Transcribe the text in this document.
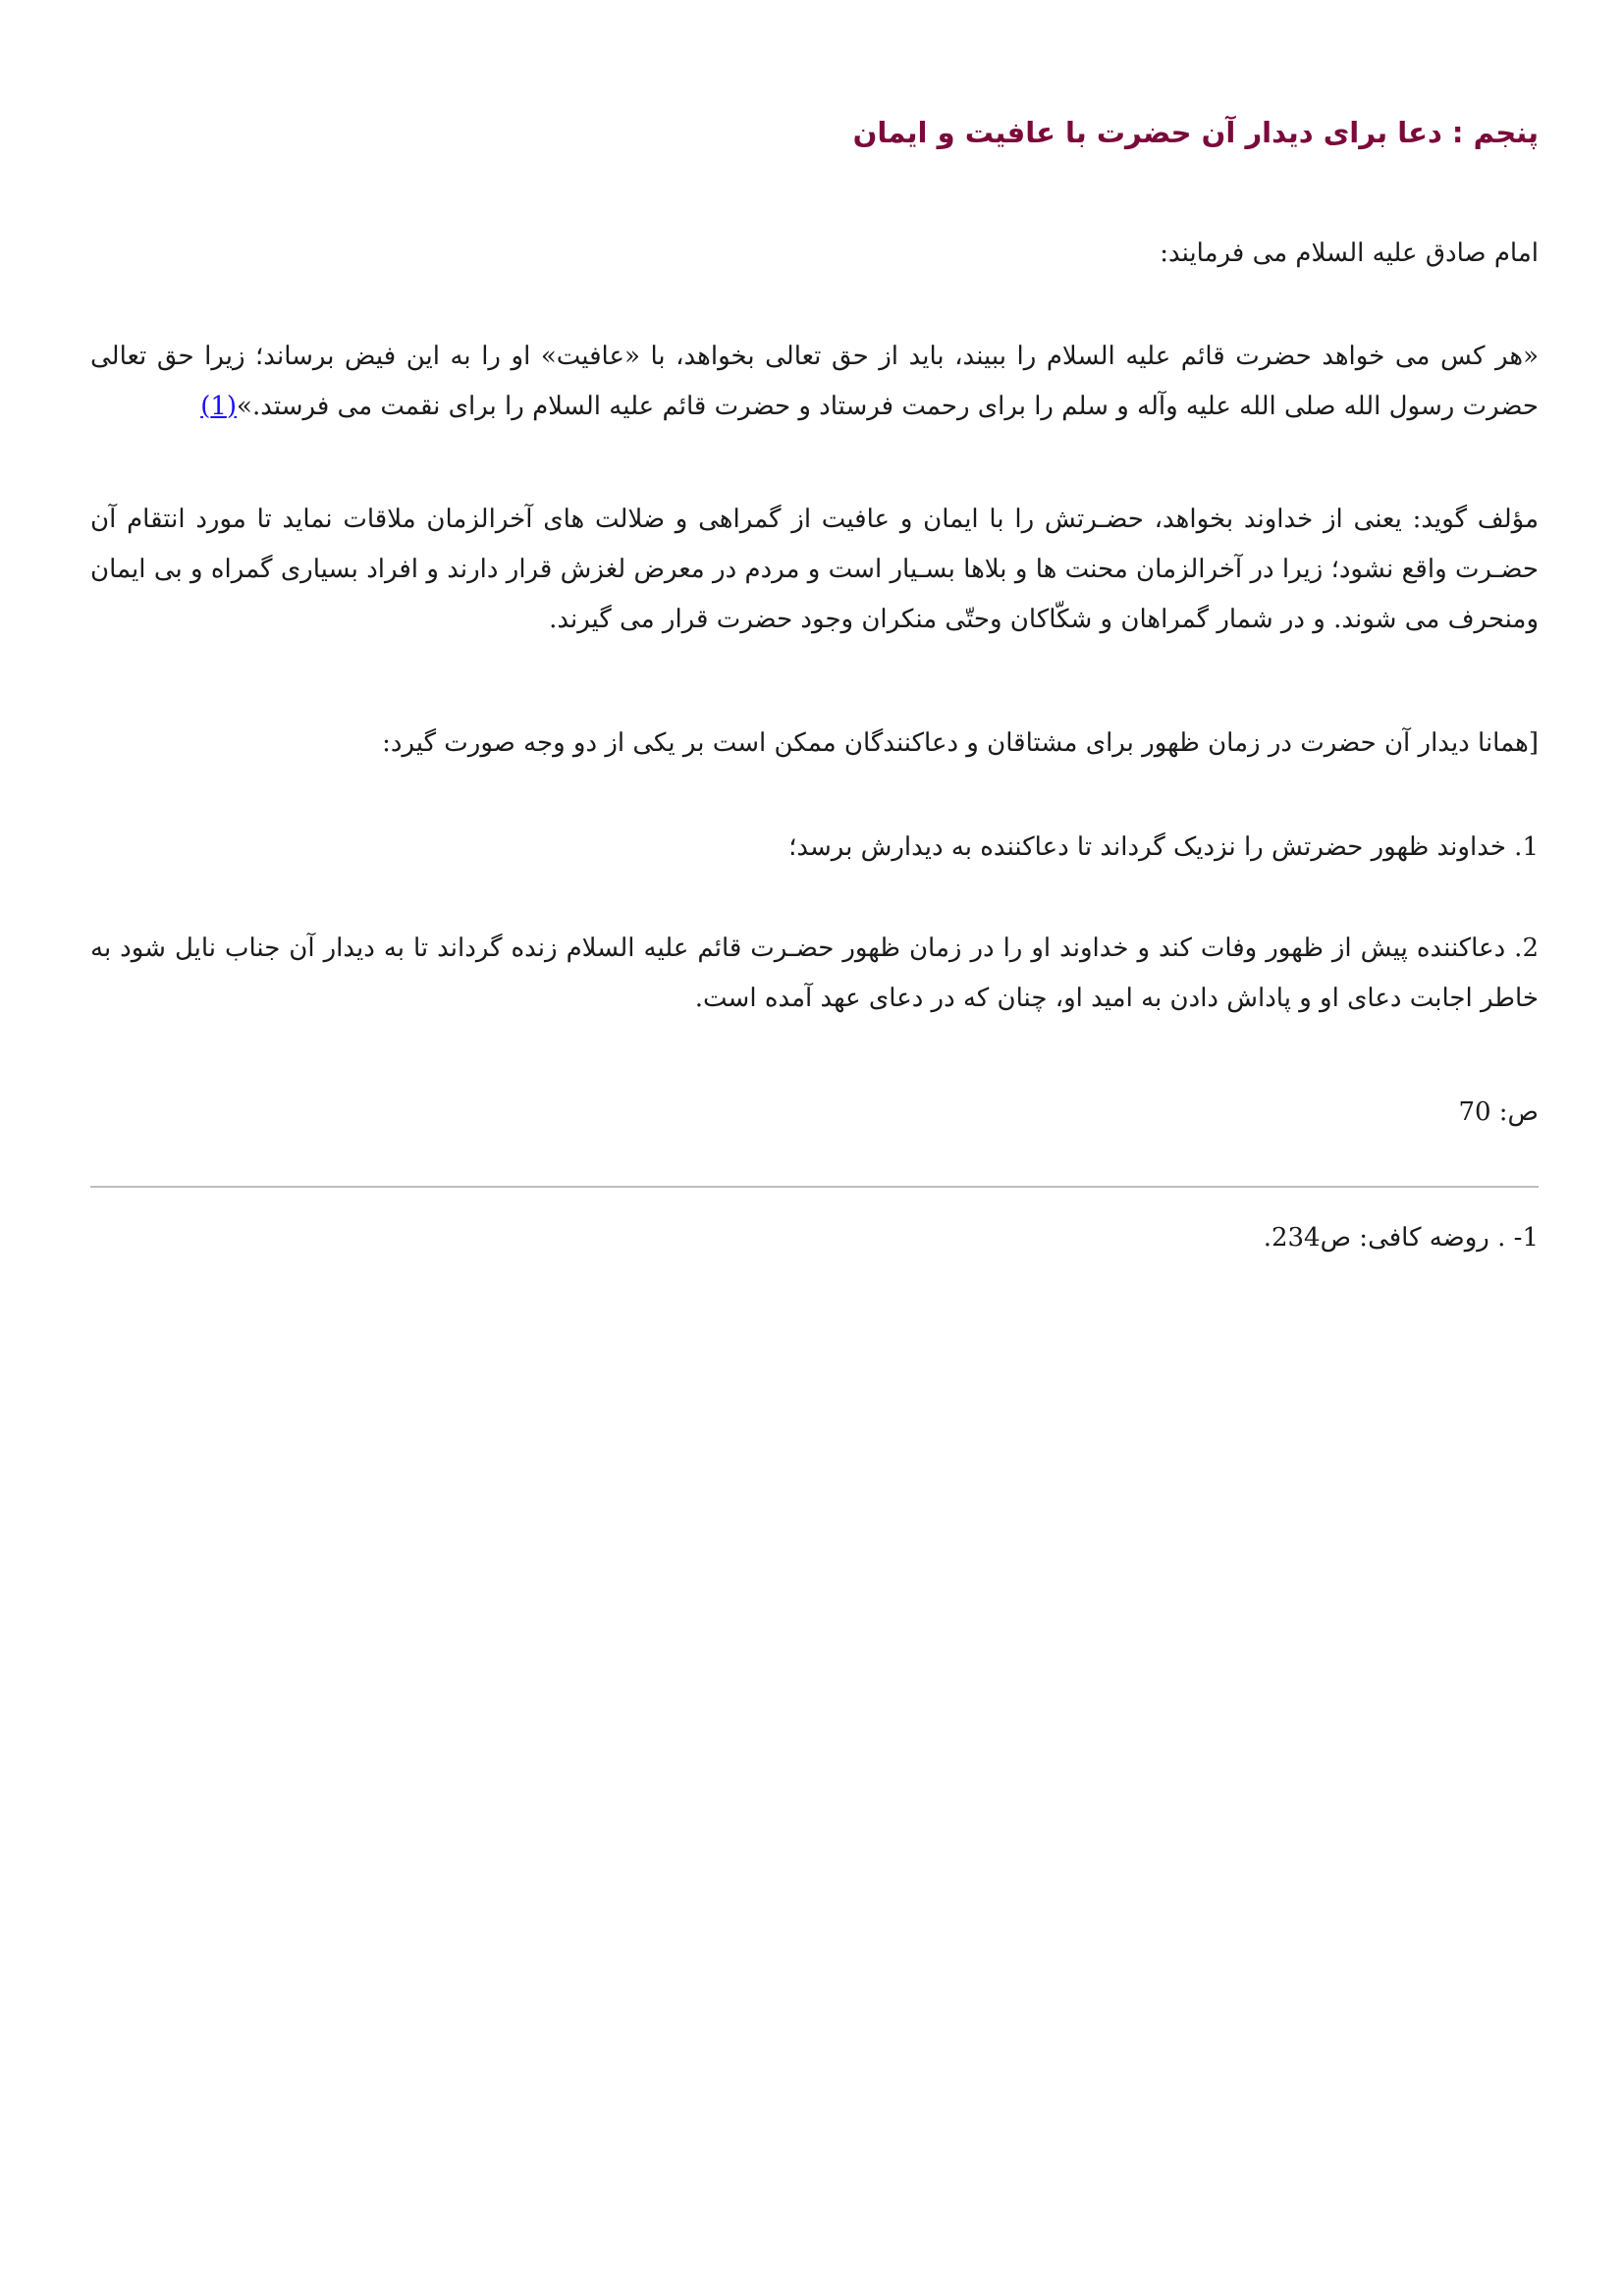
پنجم : دعا برای دیدار آن حضرت با عافیت و ایمان
امام صادق علیه السلام می فرمایند:
«هر کس می خواهد حضرت قائم علیه السلام را ببیند، باید از حق تعالی بخواهد، با «عافیت» او را به این فیض برساند؛ زیرا حق تعالی حضرت رسول الله صلی الله علیه وآله و سلم را برای رحمت فرستاد و حضرت قائم علیه السلام را برای نقمت می فرستد.»(1)
مؤلف گوید: یعنی از خداوند بخواهد، حضـرتش را با ایمان و عافیت از گمراهی و ضلالت های آخرالزمان ملاقات نماید تا مورد انتقام آن حضـرت واقع نشود؛ زیرا در آخرالزمان محنت ها و بلاها بسـیار است و مردم در معرض لغزش قرار دارند و افراد بسیاری گمراه و بی ایمان ومنحرف می شوند. و در شمار گمراهان و شکّاکان وحتّی منکران وجود حضرت قرار می گیرند.
[همانا دیدار آن حضرت در زمان ظهور برای مشتاقان و دعاکنندگان ممکن است بر یکی از دو وجه صورت گیرد:
1. خداوند ظهور حضرتش را نزدیک گرداند تا دعاکننده به دیدارش برسد؛
2. دعاکننده پیش از ظهور وفات کند و خداوند او را در زمان ظهور حضـرت قائم علیه السلام زنده گرداند تا به دیدار آن جناب نایل شود به خاطر اجابت دعای او و پاداش دادن به امید او، چنان که در دعای عهد آمده است.
ص: 70
1- . روضه کافی: ص234.
